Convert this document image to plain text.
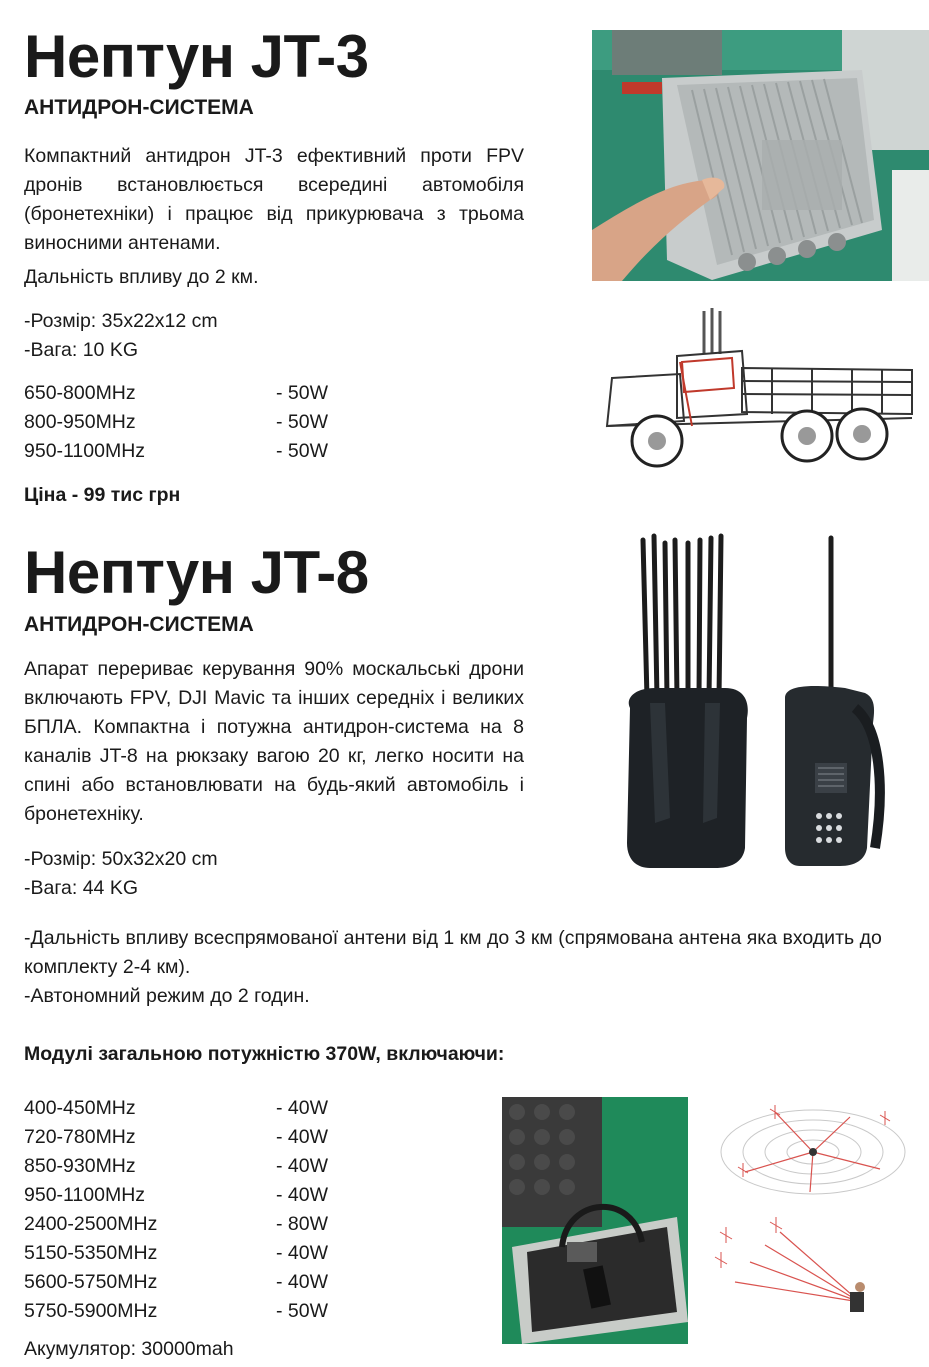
Нептун JT-3
АНТИДРОН-СИСТЕМА

Компактний антидрон JT-3 ефективний проти FPV дронів встановлюється всередині автомобіля (бронетехніки) і працює від прикурювача з трьома виносними антенами.

Дальність впливу до 2 км.
-Розмір: 35x22x12 cm
-Вага: 10 KG
650-800MHz	- 50W
800-950MHz	- 50W
950-1100MHz	- 50W
Ціна - 99 тис грн
Нептун JT-8
АНТИДРОН-СИСТЕМА

Апарат перериває керування 90% москальські дрони включають FPV, DJI Mavic та інших середніх і великих БПЛА. Компактна і потужна антидрон-система на 8 каналів JT-8 на рюкзаку вагою 20 кг, легко носити на спині або встановлювати на будь-який автомобіль і бронетехніку.

-Розмір: 50x32x20 cm
-Вага: 44 KG

-Дальність впливу всеспрямованої антени від 1 км до 3 км (спрямована антена яка входить до комплекту 2-4 км).

-Автономний режим до 2 годин.
Модулі загальною потужністю 370W, включаючи:
400-450MHz	- 40W
720-780MHz	- 40W
850-930MHz	- 40W
950-1100MHz	- 40W
2400-2500MHz	- 80W
5150-5350MHz	- 40W
5600-5750MHz	- 40W
5750-5900MHz	- 50W
Акумулятор: 30000mah
